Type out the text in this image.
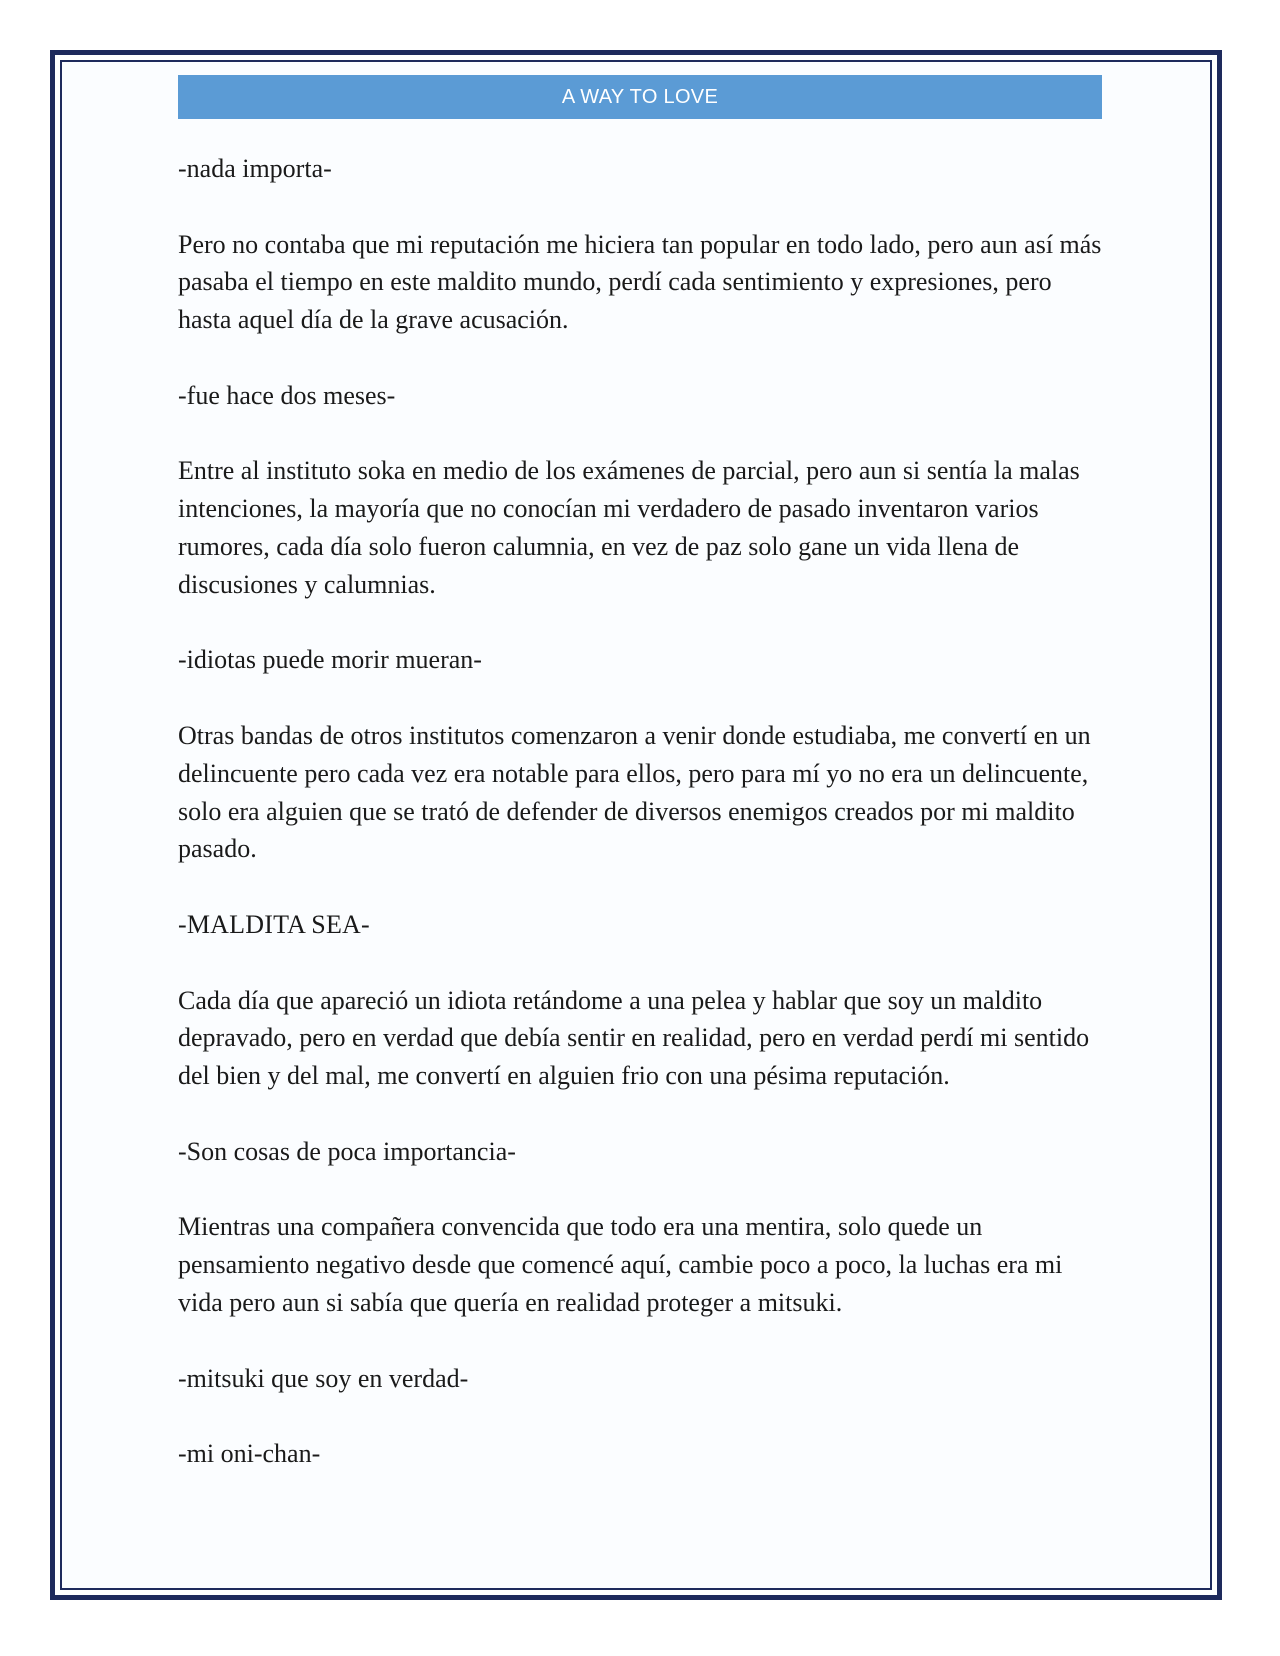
A WAY TO LOVE

-nada importa-

Pero no contaba que mi reputación me hiciera tan popular en todo lado, pero aun así más pasaba el tiempo en este maldito mundo, perdí cada sentimiento y expresiones, pero hasta aquel día de la grave acusación.

-fue hace dos meses-

Entre al instituto soka en medio de los exámenes de parcial, pero aun si sentía la malas intenciones, la mayoría que no conocían mi verdadero de pasado inventaron varios rumores, cada día solo fueron calumnia, en vez de paz solo gane un vida llena de discusiones y calumnias.

-idiotas puede morir mueran-

Otras bandas de otros institutos comenzaron a venir donde estudiaba, me convertí en un delincuente pero cada vez era notable para ellos, pero para mí yo no era un delincuente, solo era alguien que se trató de defender de diversos enemigos creados por mi maldito pasado.

-MALDITA SEA-

Cada día que apareció un idiota retándome a una pelea y hablar que soy un maldito depravado, pero en verdad que debía sentir en realidad, pero en verdad perdí mi sentido del bien y del mal, me convertí en alguien frio con una pésima reputación.

-Son cosas de poca importancia-

Mientras una compañera convencida que todo era una mentira, solo quede un pensamiento negativo desde que comencé aquí, cambie poco a poco, la luchas era mi vida pero aun si sabía que quería en realidad proteger a mitsuki.

-mitsuki que soy en verdad-

-mi oni-chan-
